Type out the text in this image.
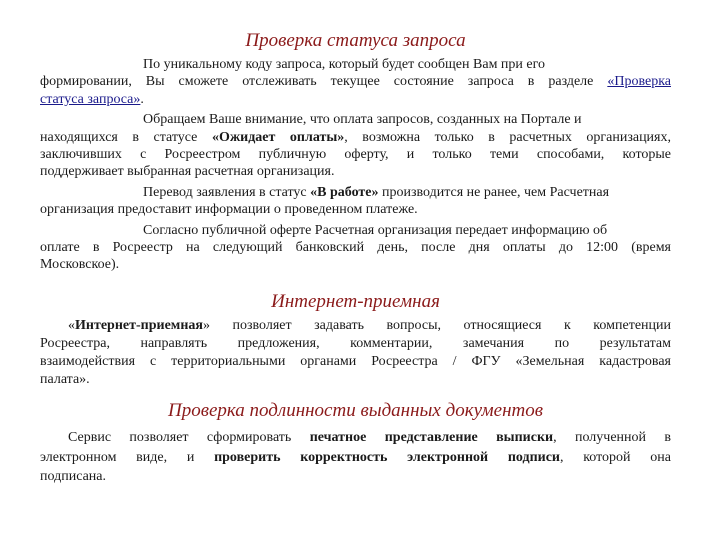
Проверка статуса запроса
По уникальному коду запроса, который будет сообщен Вам при его
формировании, Вы сможете отслеживать текущее состояние запроса в разделе «Проверка
статуса запроса».
Обращаем Ваше внимание, что оплата запросов, созданных на Портале и
находящихся в статусе «Ожидает оплаты», возможна только в расчетных организациях,
заключивших с Росреестром публичную оферту, и только теми способами, которые
поддерживает выбранная расчетная организация.
Перевод заявления в статус «В работе» производится не ранее, чем Расчетная
организация предоставит информации о проведенном платеже.
Согласно публичной оферте Расчетная организация передает информацию об
оплате в Росреестр на следующий банковский день, после дня оплаты до 12:00 (время
Московское).
Интернет-приемная
«Интернет-приемная» позволяет задавать вопросы, относящиеся к компетенции
Росреестра, направлять предложения, комментарии, замечания по результатам
взаимодействия с территориальными органами Росреестра / ФГУ «Земельная кадастровая
палата».
Проверка подлинности выданных документов
Сервис позволяет сформировать печатное представление выписки, полученной в
электронном виде, и проверить корректность электронной подписи, которой она
подписана.
